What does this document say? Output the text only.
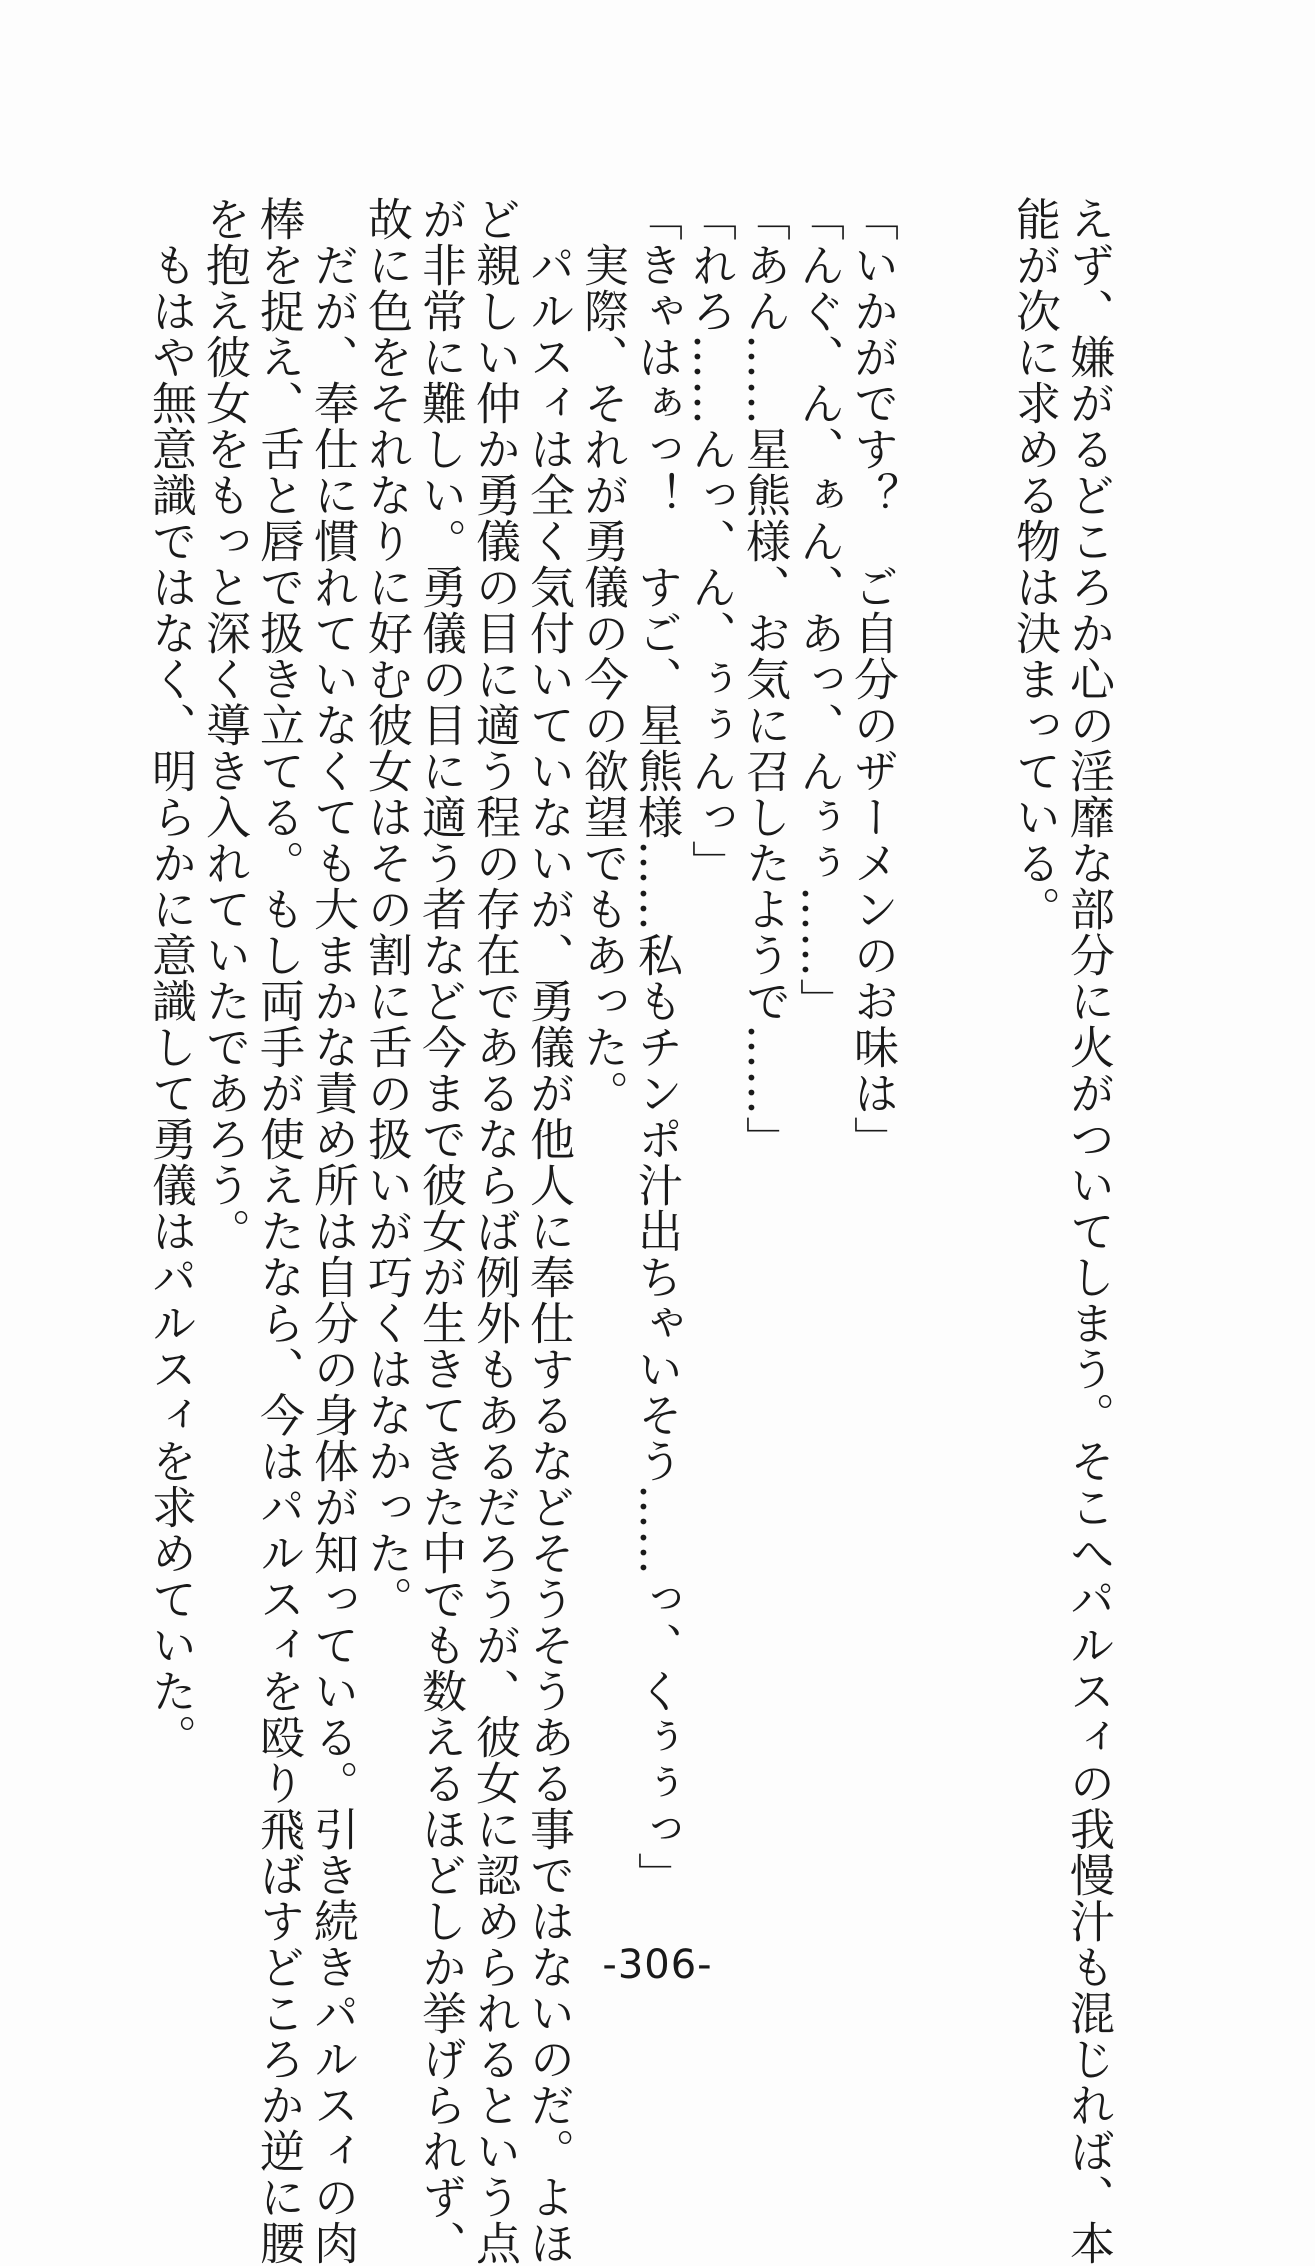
えず、嫌がるどころか心の淫靡な部分に火がついてしまう。そこへパルスィの我慢汁も混じれば、本
能が次に求める物は決まっている。

「いかがです？　ご自分のザーメンのお味は」
「んぐ、ん、ぁん、あっ、んぅぅ……」
「あん……星熊様、お気に召したようで……」
「れろ……んっ、ん、ぅぅんっ」
「きゃはぁっ！　すご、星熊様……私もチンポ汁出ちゃいそう……っ、くぅぅっ」
　実際、それが勇儀の今の欲望でもあった。
　パルスィは全く気付いていないが、勇儀が他人に奉仕するなどそうそうある事ではないのだ。よほ
ど親しい仲か勇儀の目に適う程の存在であるならば例外もあるだろうが、彼女に認められるという点
が非常に難しい。勇儀の目に適う者など今まで彼女が生きてきた中でも数えるほどしか挙げられず、
故に色をそれなりに好む彼女はその割に舌の扱いが巧くはなかった。
　だが、奉仕に慣れていなくても大まかな責め所は自分の身体が知っている。引き続きパルスィの肉
棒を捉え、舌と唇で扱き立てる。もし両手が使えたなら、今はパルスィを殴り飛ばすどころか逆に腰
を抱え彼女をもっと深く導き入れていたであろう。
　もはや無意識ではなく、明らかに意識して勇儀はパルスィを求めていた。
-306-
